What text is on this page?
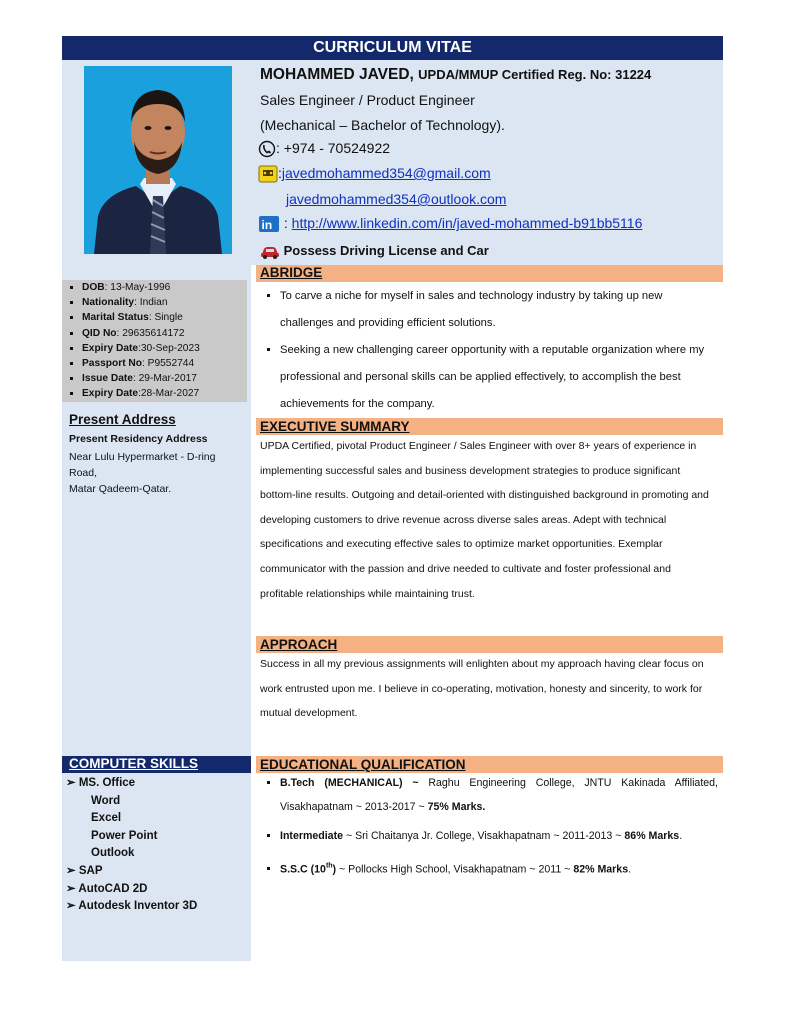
CURRICULUM VITAE
MOHAMMED JAVED, UPDA/MMUP Certified Reg. No: 31224
Sales Engineer / Product Engineer
(Mechanical – Bachelor of Technology).
: +974 - 70524922
:javedmohammed354@gmail.com
javedmohammed354@outlook.com
in : http://www.linkedin.com/in/javed-mohammed-b91bb5116
Possess Driving License and Car
▪ DOB: 13-May-1996
▪ Nationality: Indian
▪ Marital Status: Single
▪ QID No: 29635614172
▪ Expiry Date:30-Sep-2023
▪ Passport No: P9552744
▪ Issue Date: 29-Mar-2017
▪ Expiry Date:28-Mar-2027
Present Address
Present Residency Address
Near Lulu Hypermarket - D-ring
Road,
Matar Qadeem-Qatar.
ABRIDGE
▪ To carve a niche for myself in sales and technology industry by taking up new challenges and providing efficient solutions.
▪ Seeking a new challenging career opportunity with a reputable organization where my professional and personal skills can be applied effectively, to accomplish the best achievements for the company.
EXECUTIVE SUMMARY
UPDA Certified, pivotal Product Engineer / Sales Engineer with over 8+ years of experience in implementing successful sales and business development strategies to produce significant bottom-line results. Outgoing and detail-oriented with distinguished background in promoting and developing customers to drive revenue across diverse sales areas. Adept with technical specifications and executing effective sales to optimize market opportunities. Exemplar communicator with the passion and drive needed to cultivate and foster professional and profitable relationships while maintaining trust.
APPROACH
Success in all my previous assignments will enlighten about my approach having clear focus on work entrusted upon me. I believe in co-operating, motivation, honesty and sincerity, to work for mutual development.
COMPUTER SKILLS
➢ MS. Office
Word
Excel
Power Point
Outlook
➢ SAP
➢ AutoCAD 2D
➢ Autodesk Inventor 3D
EDUCATIONAL QUALIFICATION
▪ B.Tech (MECHANICAL) ~ Raghu Engineering College, JNTU Kakinada Affiliated, Visakhapatnam ~ 2013-2017 ~ 75% Marks.
▪ Intermediate ~ Sri Chaitanya Jr. College, Visakhapatnam ~ 2011-2013 ~ 86% Marks.
▪ S.S.C (10th) ~ Pollocks High School, Visakhapatnam ~ 2011 ~ 82% Marks.
